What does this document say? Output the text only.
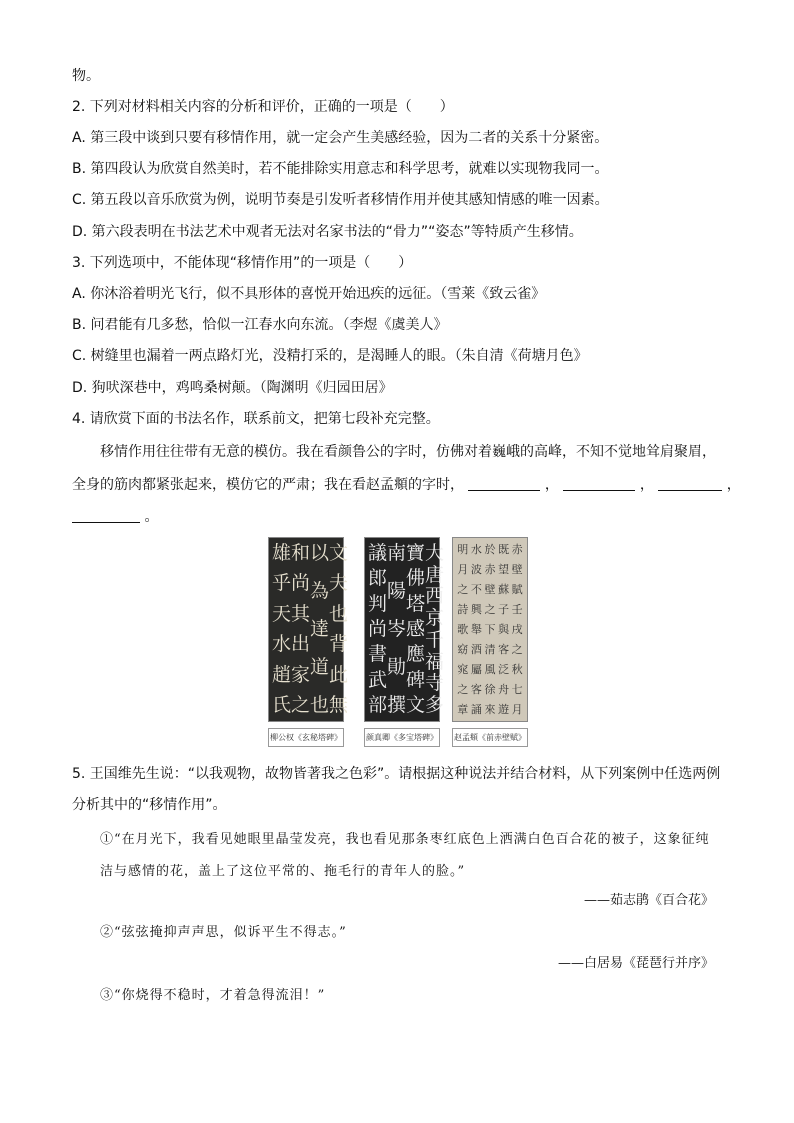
物。
2. 下列对材料相关内容的分析和评价，正确的一项是（　　）
A. 第三段中谈到只要有移情作用，就一定会产生美感经验，因为二者的关系十分紧密。
B. 第四段认为欣赏自然美时，若不能排除实用意志和科学思考，就难以实现物我同一。
C. 第五段以音乐欣赏为例，说明节奏是引发听者移情作用并使其感知情感的唯一因素。
D. 第六段表明在书法艺术中观者无法对名家书法的“骨力”“姿态”等特质产生移情。
3. 下列选项中，不能体现“移情作用”的一项是（　　）
A. 你沐浴着明光飞行，似不具形体的喜悦开始迅疾的远征。（雪莱《致云雀》
B. 问君能有几多愁，恰似一江春水向东流。（李煜《虞美人》
C. 树缝里也漏着一两点路灯光，没精打采的，是渴睡人的眼。（朱自清《荷塘月色》
D. 狗吠深巷中，鸡鸣桑树颠。（陶渊明《归园田居》
4. 请欣赏下面的书法名作，联系前文，把第七段补充完整。
移情作用往往带有无意的模仿。我在看颜鲁公的字时，仿佛对着巍峨的高峰，不知不觉地耸肩聚眉，
全身的筋肉都紧张起来，模仿它的严肃；我在看赵孟頫的字时，	，	，	，
。
文
夫
也
背
此
無
以
為
達
道
也
和
尚
其
出
家
之
雄
乎
天
水
趙
氏
柳公权《玄秘塔碑》
大
唐
西
京
千
福
寺
多
寶
佛
塔
感
應
碑
文
南
陽
岑
勛
撰
議
郎
判
尚
書
武
部
颜真卿《多宝塔碑》
赤
壁
賦
壬
戌
之
秋
七
月
既
望
蘇
子
與
客
泛
舟
遊
於
赤
壁
之
下
清
風
徐
來
水
波
不
興
舉
酒
屬
客
誦
明
月
之
詩
歌
窈
窕
之
章
赵孟頫《前赤壁赋》
5. 王国维先生说：“以我观物，故物皆著我之色彩”。请根据这种说法并结合材料，从下列案例中任选两例
分析其中的“移情作用”。
①“在月光下，我看见她眼里晶莹发亮，我也看见那条枣红底色上洒满白色百合花的被子，这象征纯
洁与感情的花，盖上了这位平常的、拖毛行的青年人的脸。”
——茹志鹃《百合花》
②“弦弦掩抑声声思，似诉平生不得志。”
——白居易《琵琶行并序》
③“你烧得不稳时，才着急得流泪！”
